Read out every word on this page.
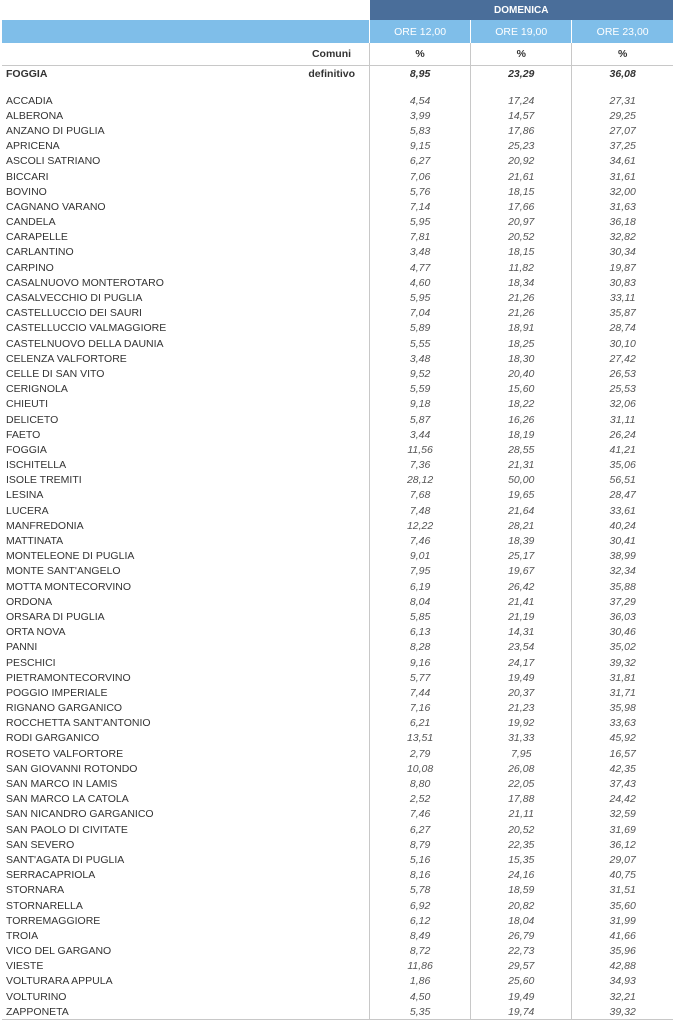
		DOMENICA		
		ORE 12,00	ORE 19,00	ORE 23,00
	Comuni	%	%	%
FOGGIA	definitivo	8,95	23,29	36,08

ACCADIA		4,54	17,24	27,31
ALBERONA		3,99	14,57	29,25
ANZANO DI PUGLIA		5,83	17,86	27,07
APRICENA		9,15	25,23	37,25
ASCOLI SATRIANO		6,27	20,92	34,61
BICCARI		7,06	21,61	31,61
BOVINO		5,76	18,15	32,00
CAGNANO VARANO		7,14	17,66	31,63
CANDELA		5,95	20,97	36,18
CARAPELLE		7,81	20,52	32,82
CARLANTINO		3,48	18,15	30,34
CARPINO		4,77	11,82	19,87
CASALNUOVO MONTEROTARO		4,60	18,34	30,83
CASALVECCHIO DI PUGLIA		5,95	21,26	33,11
CASTELLUCCIO DEI SAURI		7,04	21,26	35,87
CASTELLUCCIO VALMAGGIORE		5,89	18,91	28,74
CASTELNUOVO DELLA DAUNIA		5,55	18,25	30,10
CELENZA VALFORTORE		3,48	18,30	27,42
CELLE DI SAN VITO		9,52	20,40	26,53
CERIGNOLA		5,59	15,60	25,53
CHIEUTI		9,18	18,22	32,06
DELICETO		5,87	16,26	31,11
FAETO		3,44	18,19	26,24
FOGGIA		11,56	28,55	41,21
ISCHITELLA		7,36	21,31	35,06
ISOLE TREMITI		28,12	50,00	56,51
LESINA		7,68	19,65	28,47
LUCERA		7,48	21,64	33,61
MANFREDONIA		12,22	28,21	40,24
MATTINATA		7,46	18,39	30,41
MONTELEONE DI PUGLIA		9,01	25,17	38,99
MONTE SANT'ANGELO		7,95	19,67	32,34
MOTTA MONTECORVINO		6,19	26,42	35,88
ORDONA		8,04	21,41	37,29
ORSARA DI PUGLIA		5,85	21,19	36,03
ORTA NOVA		6,13	14,31	30,46
PANNI		8,28	23,54	35,02
PESCHICI		9,16	24,17	39,32
PIETRAMONTECORVINO		5,77	19,49	31,81
POGGIO IMPERIALE		7,44	20,37	31,71
RIGNANO GARGANICO		7,16	21,23	35,98
ROCCHETTA SANT'ANTONIO		6,21	19,92	33,63
RODI GARGANICO		13,51	31,33	45,92
ROSETO VALFORTORE		2,79	7,95	16,57
SAN GIOVANNI ROTONDO		10,08	26,08	42,35
SAN MARCO IN LAMIS		8,80	22,05	37,43
SAN MARCO LA CATOLA		2,52	17,88	24,42
SAN NICANDRO GARGANICO		7,46	21,11	32,59
SAN PAOLO DI CIVITATE		6,27	20,52	31,69
SAN SEVERO		8,79	22,35	36,12
SANT'AGATA DI PUGLIA		5,16	15,35	29,07
SERRACAPRIOLA		8,16	24,16	40,75
STORNARA		5,78	18,59	31,51
STORNARELLA		6,92	20,82	35,60
TORREMAGGIORE		6,12	18,04	31,99
TROIA		8,49	26,79	41,66
VICO DEL GARGANO		8,72	22,73	35,96
VIESTE		11,86	29,57	42,88
VOLTURARA APPULA		1,86	25,60	34,93
VOLTURINO		4,50	19,49	32,21
ZAPPONETA		5,35	19,74	39,32
